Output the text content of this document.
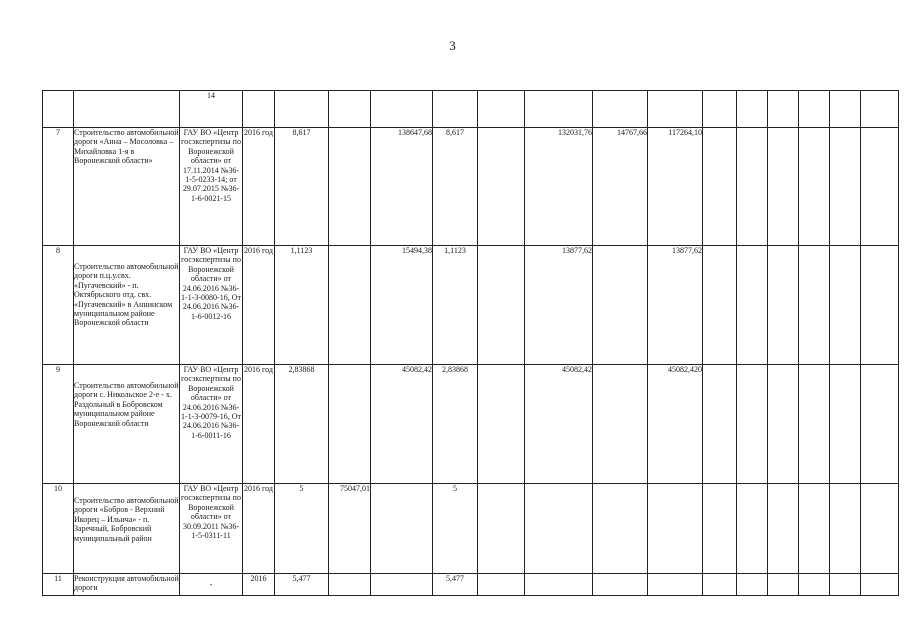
3
		14															
7	Строительство автомобильной дороги «Анна – Мосоловка – Михайловка 1-я в Воронежской области»	ГАУ ВО «Центр госэкспертизы по Воронежской области» от 17.11.2014 №36-1-5-0233-14; от 29.07.2015 №36-1-6-0021-15	2016 год	8,617		138647,68	8,617		132031,76	14767,66	117264,10						
8	Строительство автомобильной дороги п.ц.у.свх. «Пугачевский» - п. Октябрьского отд. свх. «Пугачевский» в Аннинском муниципальном районе Воронежской области	ГАУ ВО «Центр госэкспертизы по Воронежской области» от 24.06.2016 №36-1-1-3-0080-16, От 24.06.2016 №36-1-6-0012-16	2016 год	1,1123		15494,38	1,1123		13877,62		13877,62						
9	Строительство автомобильной дороги с. Никольское 2-е - х. Раздольный в Бобровском муниципальном районе Воронежской области	ГАУ ВО «Центр госэкспертизы по Воронежской области» от 24.06.2016 №36-1-1-3-0079-16, От 24.06.2016 №36-1-6-0011-16	2016 год	2,83868		45082,42	2,83868		45082,42		45082,420						
10	Строительство автомобильной дороги «Бобров - Верхний Икорец – Ильича» - п. Заречный, Бобровский муниципальный район	ГАУ ВО «Центр госэкспертизы по Воронежской области» от 30.09.2011 №36-1-5-0311-11	2016 год	5	75047,01		5										
11	Реконструкция автомобильной дороги	-	2016	5,477			5,477										
